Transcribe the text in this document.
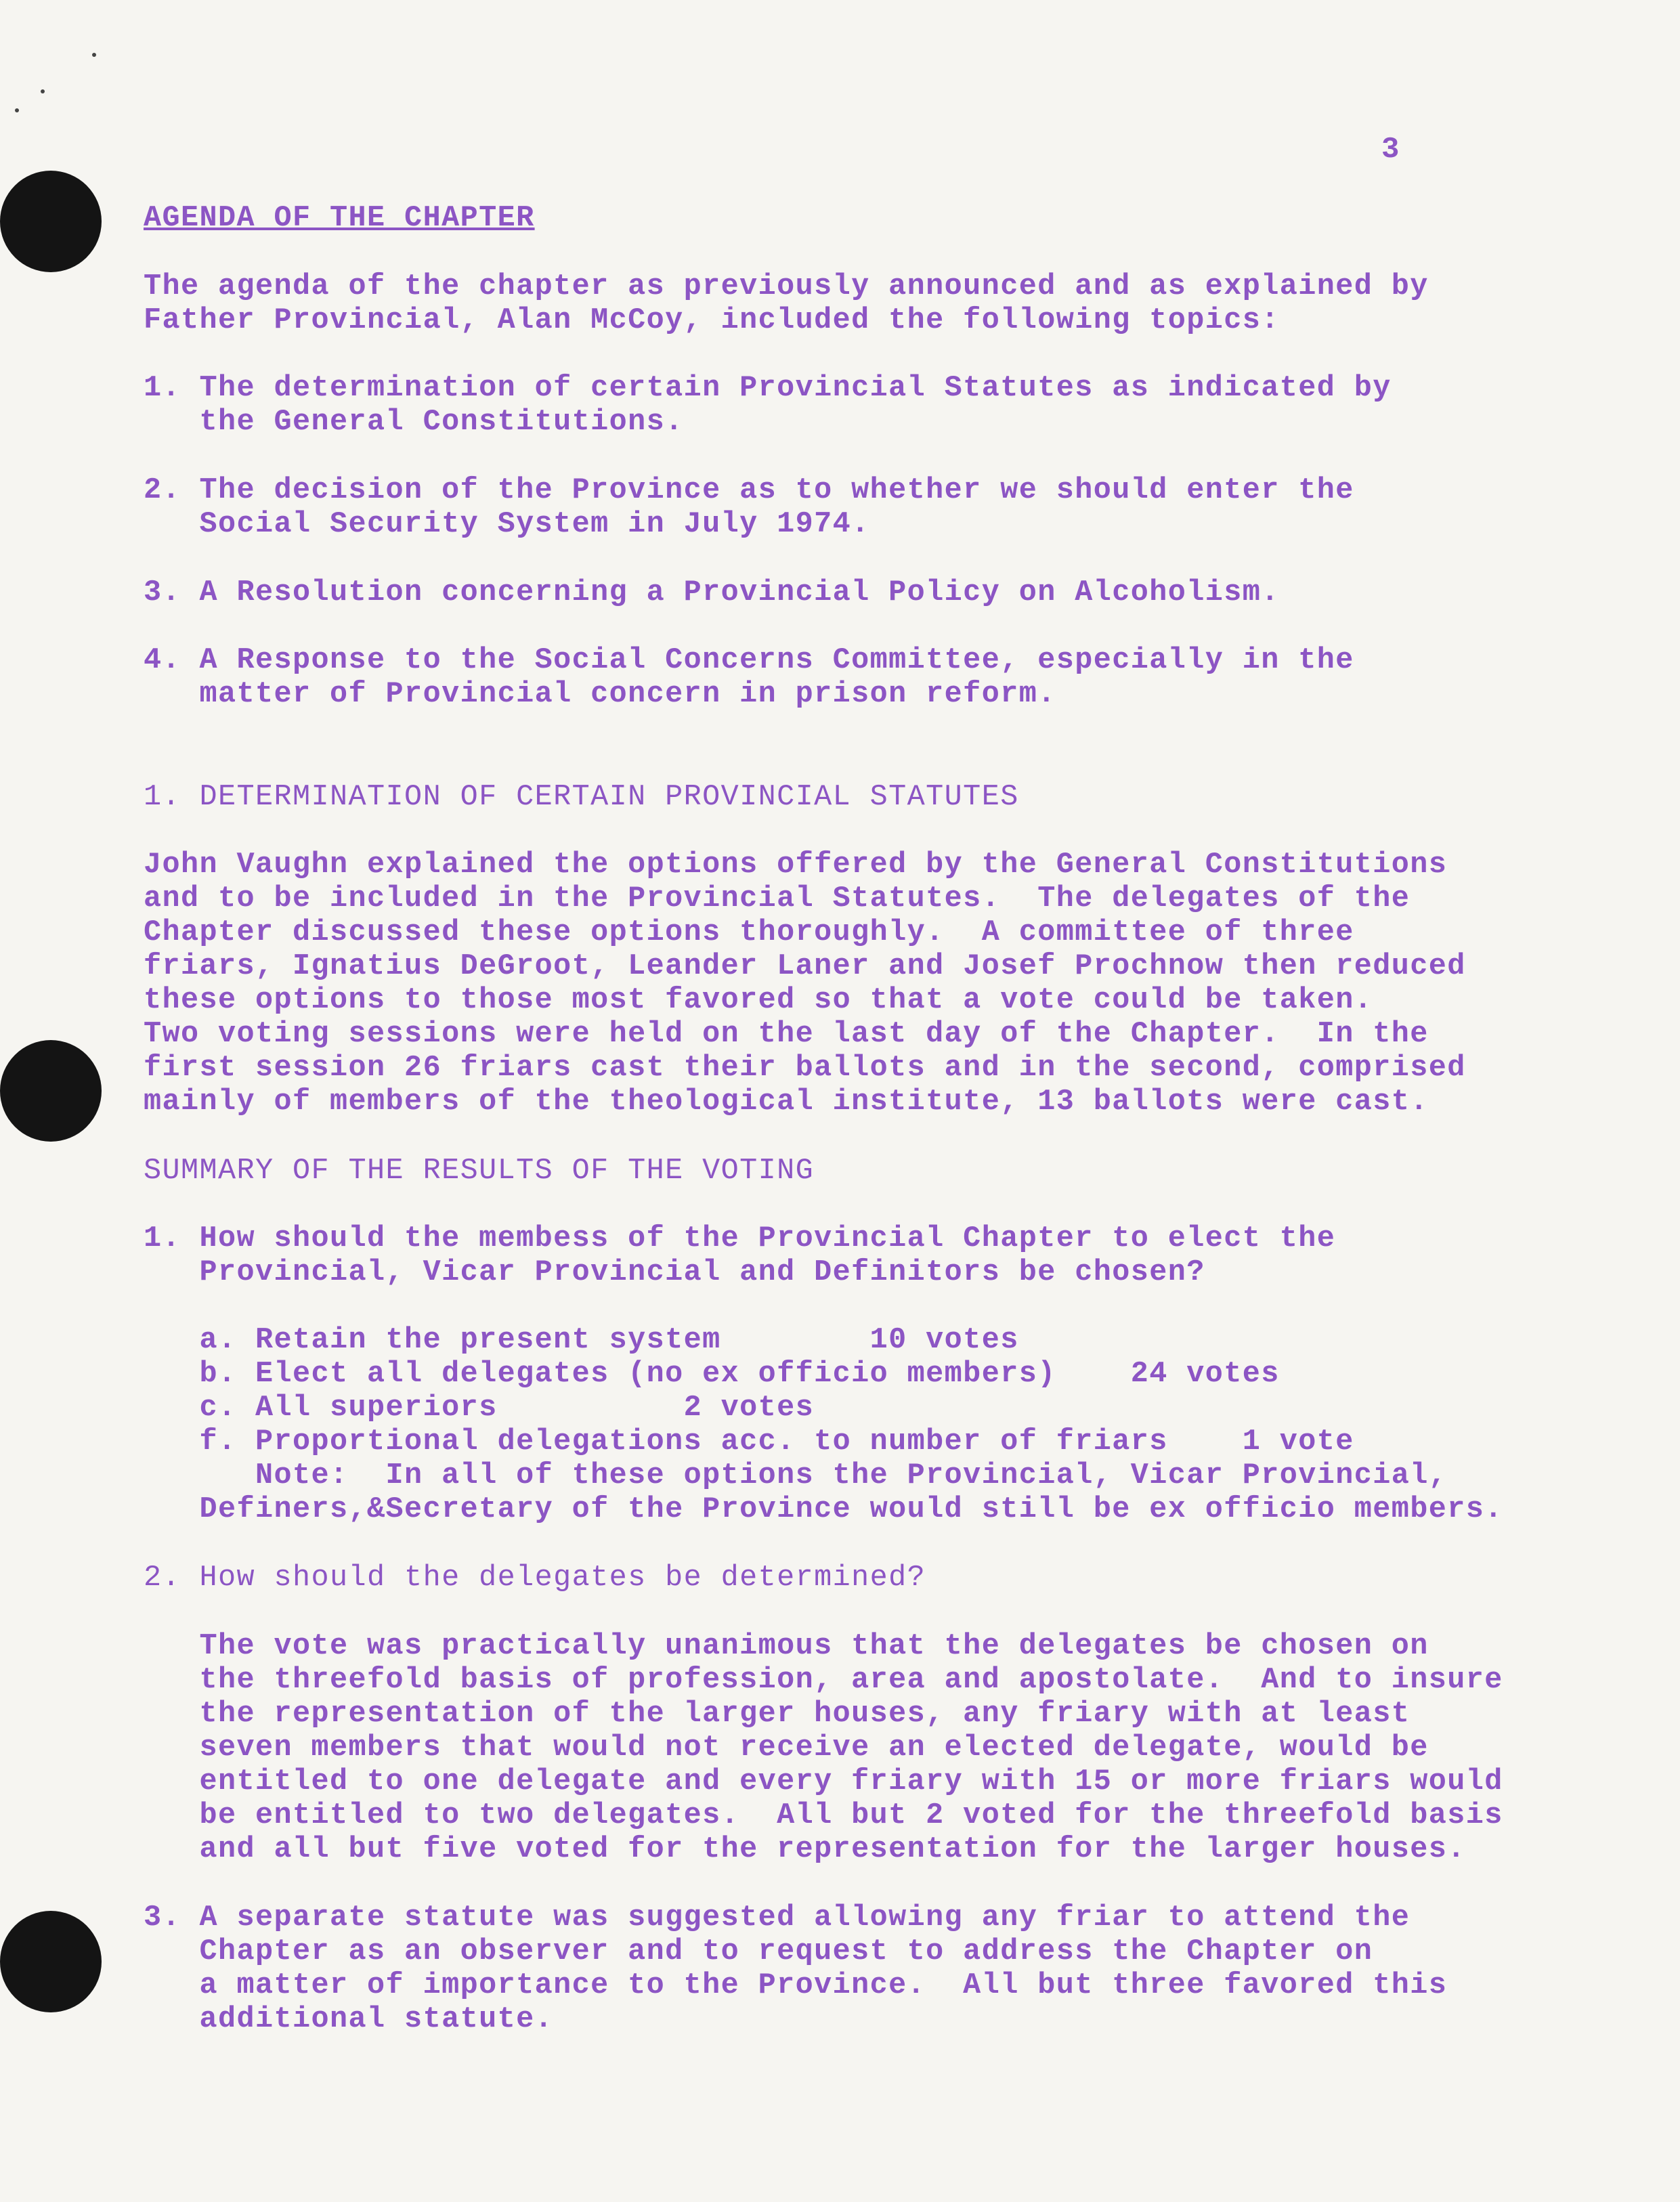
3

AGENDA OF THE CHAPTER

The agenda of the chapter as previously announced and as explained by
Father Provincial, Alan McCoy, included the following topics:

1. The determination of certain Provincial Statutes as indicated by
the General Constitutions.

2. The decision of the Province as to whether we should enter the
Social Security System in July 1974.

3. A Resolution concerning a Provincial Policy on Alcoholism.

4. A Response to the Social Concerns Committee, especially in the
matter of Provincial concern in prison reform.

1. DETERMINATION OF CERTAIN PROVINCIAL STATUTES

John Vaughn explained the options offered by the General Constitutions
and to be included in the Provincial Statutes.  The delegates of the
Chapter discussed these options thoroughly.  A committee of three
friars, Ignatius DeGroot, Leander Laner and Josef Prochnow then reduced
these options to those most favored so that a vote could be taken.
Two voting sessions were held on the last day of the Chapter.  In the
first session 26 friars cast their ballots and in the second, comprised
mainly of members of the theological institute, 13 ballots were cast.

SUMMARY OF THE RESULTS OF THE VOTING

1. How should the membess of the Provincial Chapter to elect the
Provincial, Vicar Provincial and Definitors be chosen?

a. Retain the present system        10 votes
b. Elect all delegates (no ex officio members)    24 votes
c. All superiors          2 votes
f. Proportional delegations acc. to number of friars    1 vote
Note:  In all of these options the Provincial, Vicar Provincial,
Definers,&Secretary of the Province would still be ex officio members.

2. How should the delegates be determined?

The vote was practically unanimous that the delegates be chosen on
the threefold basis of profession, area and apostolate.  And to insure
the representation of the larger houses, any friary with at least
seven members that would not receive an elected delegate, would be
entitled to one delegate and every friary with 15 or more friars would
be entitled to two delegates.  All but 2 voted for the threefold basis
and all but five voted for the representation for the larger houses.

3. A separate statute was suggested allowing any friar to attend the
Chapter as an observer and to request to address the Chapter on
a matter of importance to the Province.  All but three favored this
additional statute.
